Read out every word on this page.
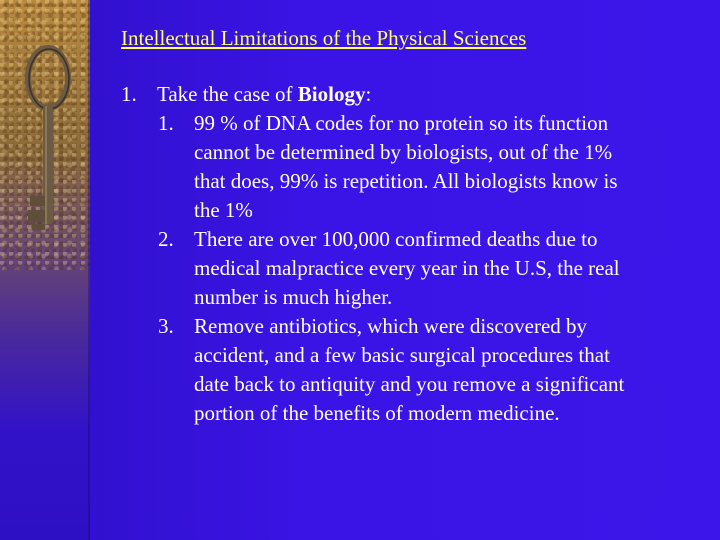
Intellectual Limitations of the Physical Sciences
1. Take the case of Biology:
1. 99 % of DNA codes for no protein so its function
cannot be determined by biologists, out of the 1%
that does, 99% is repetition. All biologists know is
the 1%
2. There are over 100,000 confirmed deaths due to
medical malpractice every year in the U.S, the real
number is much higher.
3. Remove antibiotics, which were discovered by
accident, and a few basic surgical procedures that
date back to antiquity and you remove a significant
portion of the benefits of modern medicine.
